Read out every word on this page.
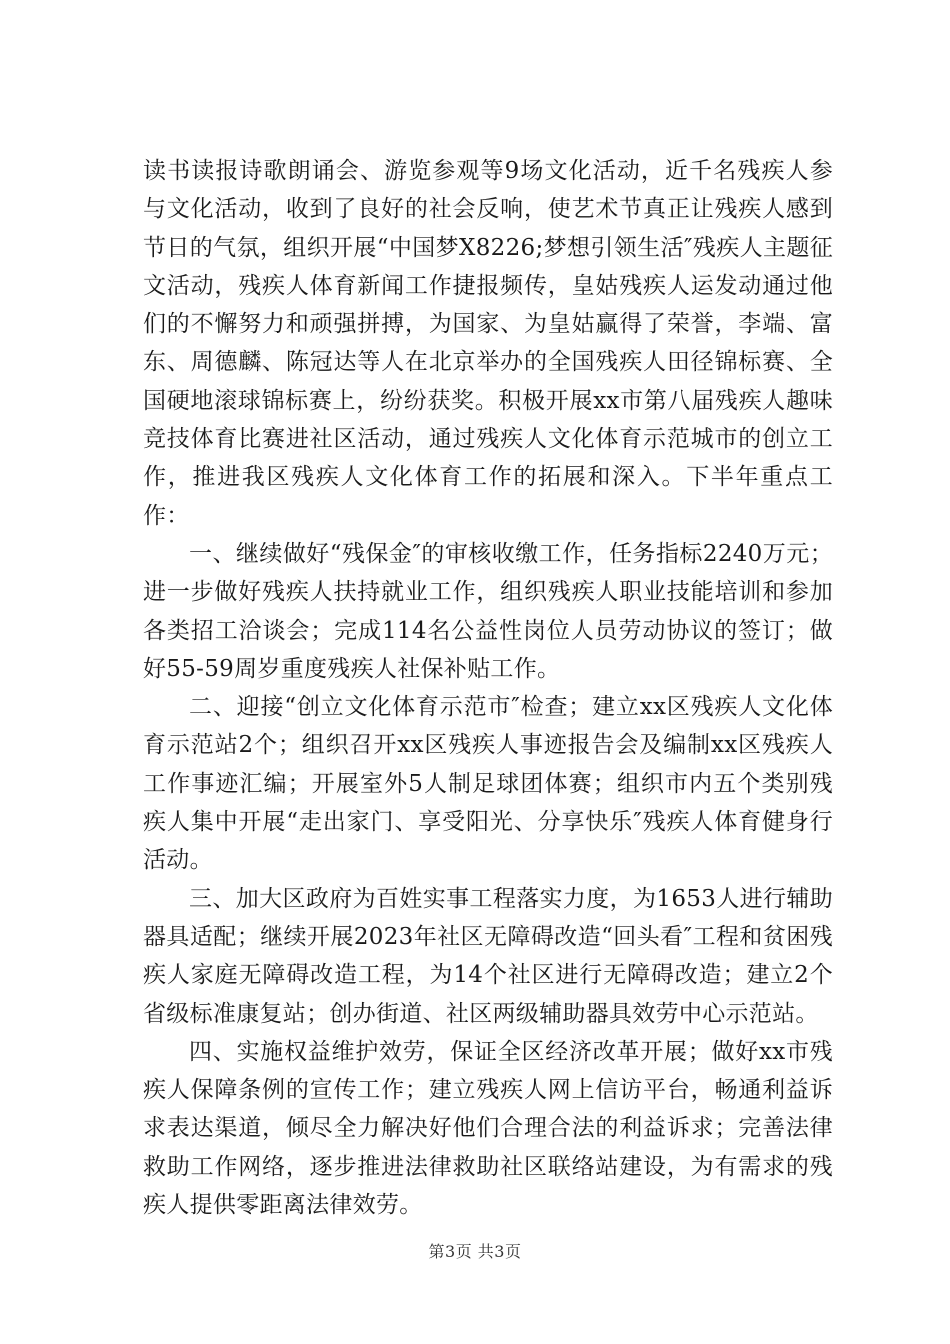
读书读报诗歌朗诵会、游览参观等9场文化活动，近千名残疾人参与文化活动，收到了良好的社会反响，使艺术节真正让残疾人感到节日的气氛，组织开展“中国梦X8226;梦想引领生活″残疾人主题征文活动，残疾人体育新闻工作捷报频传，皇姑残疾人运发动通过他们的不懈努力和顽强拼搏，为国家、为皇姑赢得了荣誉，李端、富东、周德麟、陈冠达等人在北京举办的全国残疾人田径锦标赛、全国硬地滚球锦标赛上，纷纷获奖。积极开展xx市第八届残疾人趣味竞技体育比赛进社区活动，通过残疾人文化体育示范城市的创立工作，推进我区残疾人文化体育工作的拓展和深入。下半年重点工作：

一、继续做好“残保金″的审核收缴工作，任务指标2240万元；进一步做好残疾人扶持就业工作，组织残疾人职业技能培训和参加各类招工洽谈会；完成114名公益性岗位人员劳动协议的签订；做好55-59周岁重度残疾人社保补贴工作。

二、迎接“创立文化体育示范市″检查；建立xx区残疾人文化体育示范站2个；组织召开xx区残疾人事迹报告会及编制xx区残疾人工作事迹汇编；开展室外5人制足球团体赛；组织市内五个类别残疾人集中开展“走出家门、享受阳光、分享快乐″残疾人体育健身行活动。

三、加大区政府为百姓实事工程落实力度，为1653人进行辅助器具适配；继续开展2023年社区无障碍改造“回头看″工程和贫困残疾人家庭无障碍改造工程，为14个社区进行无障碍改造；建立2个省级标准康复站；创办街道、社区两级辅助器具效劳中心示范站。

四、实施权益维护效劳，保证全区经济改革开展；做好xx市残疾人保障条例的宣传工作；建立残疾人网上信访平台，畅通利益诉求表达渠道，倾尽全力解决好他们合理合法的利益诉求；完善法律救助工作网络，逐步推进法律救助社区联络站建设，为有需求的残疾人提供零距离法律效劳。

第3页 共3页
